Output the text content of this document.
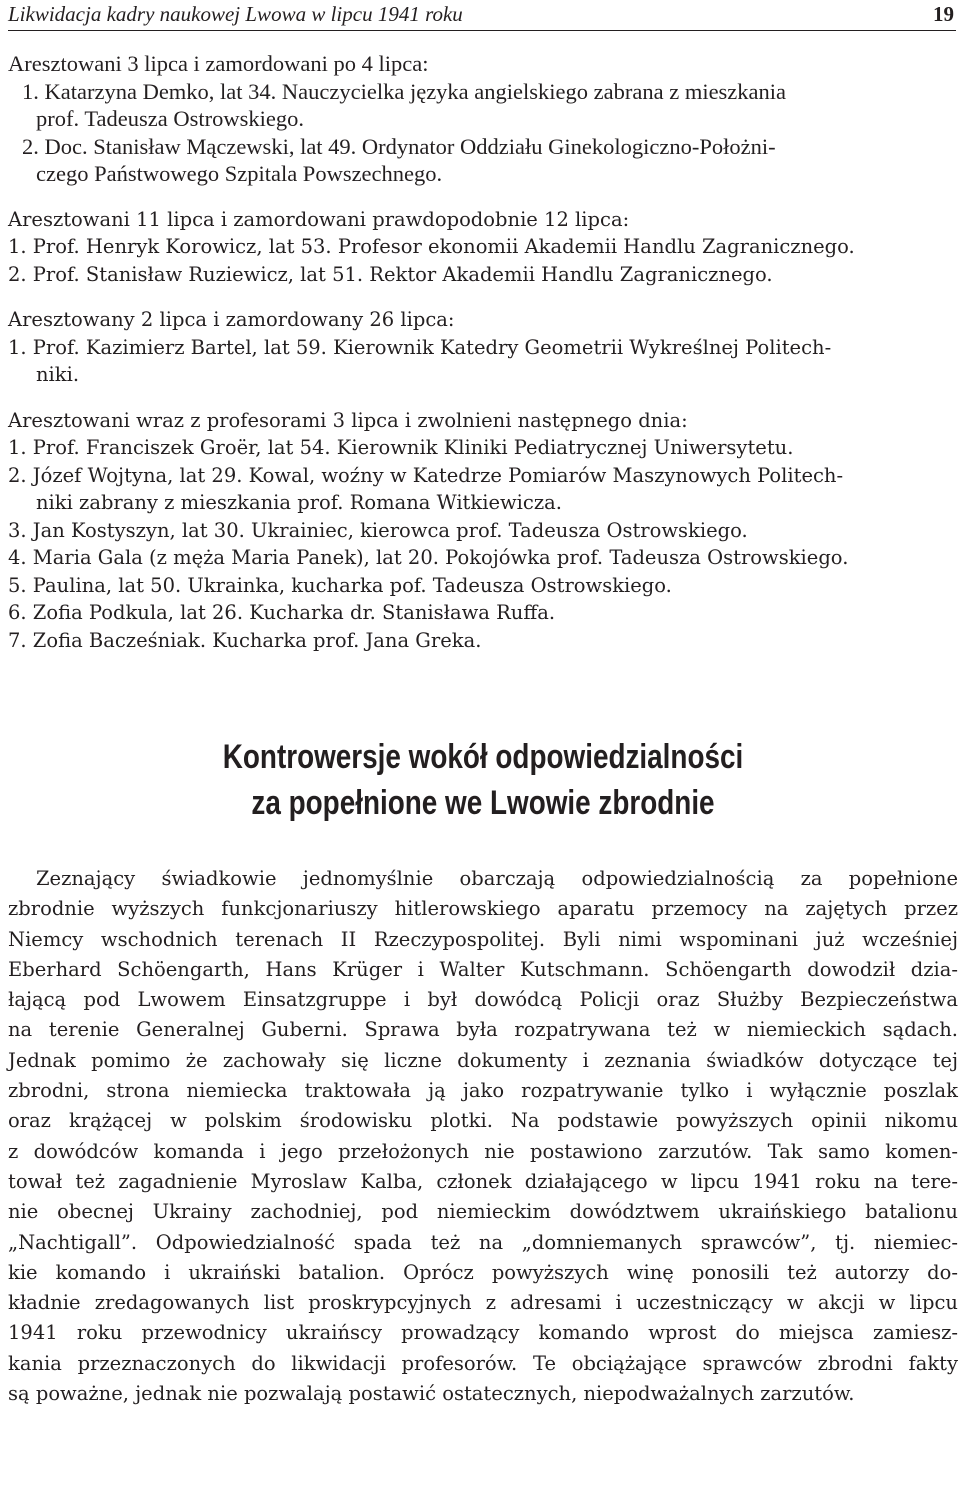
Likwidacja kadry naukowej Lwowa w lipcu 1941 roku	19
Aresztowani 3 lipca i zamordowani po 4 lipca:
1. Katarzyna Demko, lat 34. Nauczycielka języka angielskiego zabrana z mieszkania
prof. Tadeusza Ostrowskiego.
2. Doc. Stanisław Mączewski, lat 49. Ordynator Oddziału Ginekologiczno-Położni-
czego Państwowego Szpitala Powszechnego.
Aresztowani 11 lipca i zamordowani prawdopodobnie 12 lipca:
1. Prof. Henryk Korowicz, lat 53. Profesor ekonomii Akademii Handlu Zagranicznego.
2. Prof. Stanisław Ruziewicz, lat 51. Rektor Akademii Handlu Zagranicznego.
Aresztowany 2 lipca i zamordowany 26 lipca:
1. Prof. Kazimierz Bartel, lat 59. Kierownik Katedry Geometrii Wykreślnej Politech-
niki.
Aresztowani wraz z profesorami 3 lipca i zwolnieni następnego dnia:
1. Prof. Franciszek Groër, lat 54. Kierownik Kliniki Pediatrycznej Uniwersytetu.
2. Józef Wojtyna, lat 29. Kowal, woźny w Katedrze Pomiarów Maszynowych Politech-
niki zabrany z mieszkania prof. Romana Witkiewicza.
3. Jan Kostyszyn, lat 30. Ukrainiec, kierowca prof. Tadeusza Ostrowskiego.
4. Maria Gala (z męża Maria Panek), lat 20. Pokojówka prof. Tadeusza Ostrowskiego.
5. Paulina, lat 50. Ukrainka, kucharka pof. Tadeusza Ostrowskiego.
6. Zofia Podkula, lat 26. Kucharka dr. Stanisława Ruffa.
7. Zofia Bacześniak. Kucharka prof. Jana Greka.
Kontrowersje wokół odpowiedzialności
za popełnione we Lwowie zbrodnie
Zeznający świadkowie jednomyślnie obarczają odpowiedzialnością za popełnione
zbrodnie wyższych funkcjonariuszy hitlerowskiego aparatu przemocy na zajętych przez
Niemcy wschodnich terenach II Rzeczypospolitej. Byli nimi wspominani już wcześniej
Eberhard Schöengarth, Hans Krüger i Walter Kutschmann. Schöengarth dowodził dzia-
łającą pod Lwowem Einsatzgruppe i był dowódcą Policji oraz Służby Bezpieczeństwa
na terenie Generalnej Guberni. Sprawa była rozpatrywana też w niemieckich sądach.
Jednak pomimo że zachowały się liczne dokumenty i zeznania świadków dotyczące tej
zbrodni, strona niemiecka traktowała ją jako rozpatrywanie tylko i wyłącznie poszlak
oraz krążącej w polskim środowisku plotki. Na podstawie powyższych opinii nikomu
z dowódców komanda i jego przełożonych nie postawiono zarzutów. Tak samo komen-
tował też zagadnienie Myroslaw Kalba, członek działającego w lipcu 1941 roku na tere-
nie obecnej Ukrainy zachodniej, pod niemieckim dowództwem ukraińskiego batalionu
„Nachtigall”. Odpowiedzialność spada też na „domniemanych sprawców”, tj. niemiec-
kie komando i ukraiński batalion. Oprócz powyższych winę ponosili też autorzy do-
kładnie zredagowanych list proskrypcyjnych z adresami i uczestniczący w akcji w lipcu
1941 roku przewodnicy ukraińscy prowadzący komando wprost do miejsca zamiesz-
kania przeznaczonych do likwidacji profesorów. Te obciążające sprawców zbrodni fakty
są poważne, jednak nie pozwalają postawić ostatecznych, niepodważalnych zarzutów.
